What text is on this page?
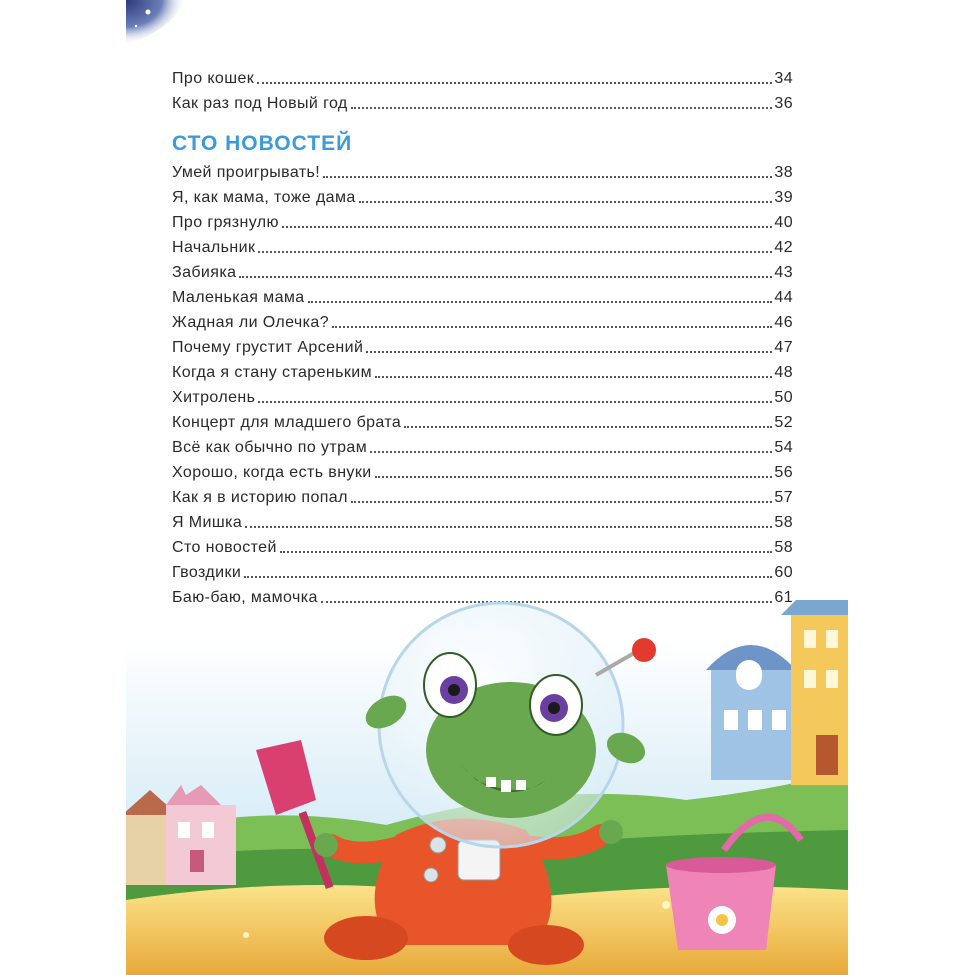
Про кошек	34
Как раз под Новый год	36
СТО НОВОСТЕЙ
Умей проигрывать!	38
Я, как мама, тоже дама	39
Про грязнулю	40
Начальник	42
Забияка	43
Маленькая мама	44
Жадная ли Олечка?	46
Почему грустит Арсений	47
Когда я стану стареньким	48
Хитролень	50
Концерт для младшего брата	52
Всё как обычно по утрам	54
Хорошо, когда есть внуки	56
Как я в историю попал	57
Я Мишка	58
Сто новостей	58
Гвоздики	60
Баю-баю, мамочка	61
